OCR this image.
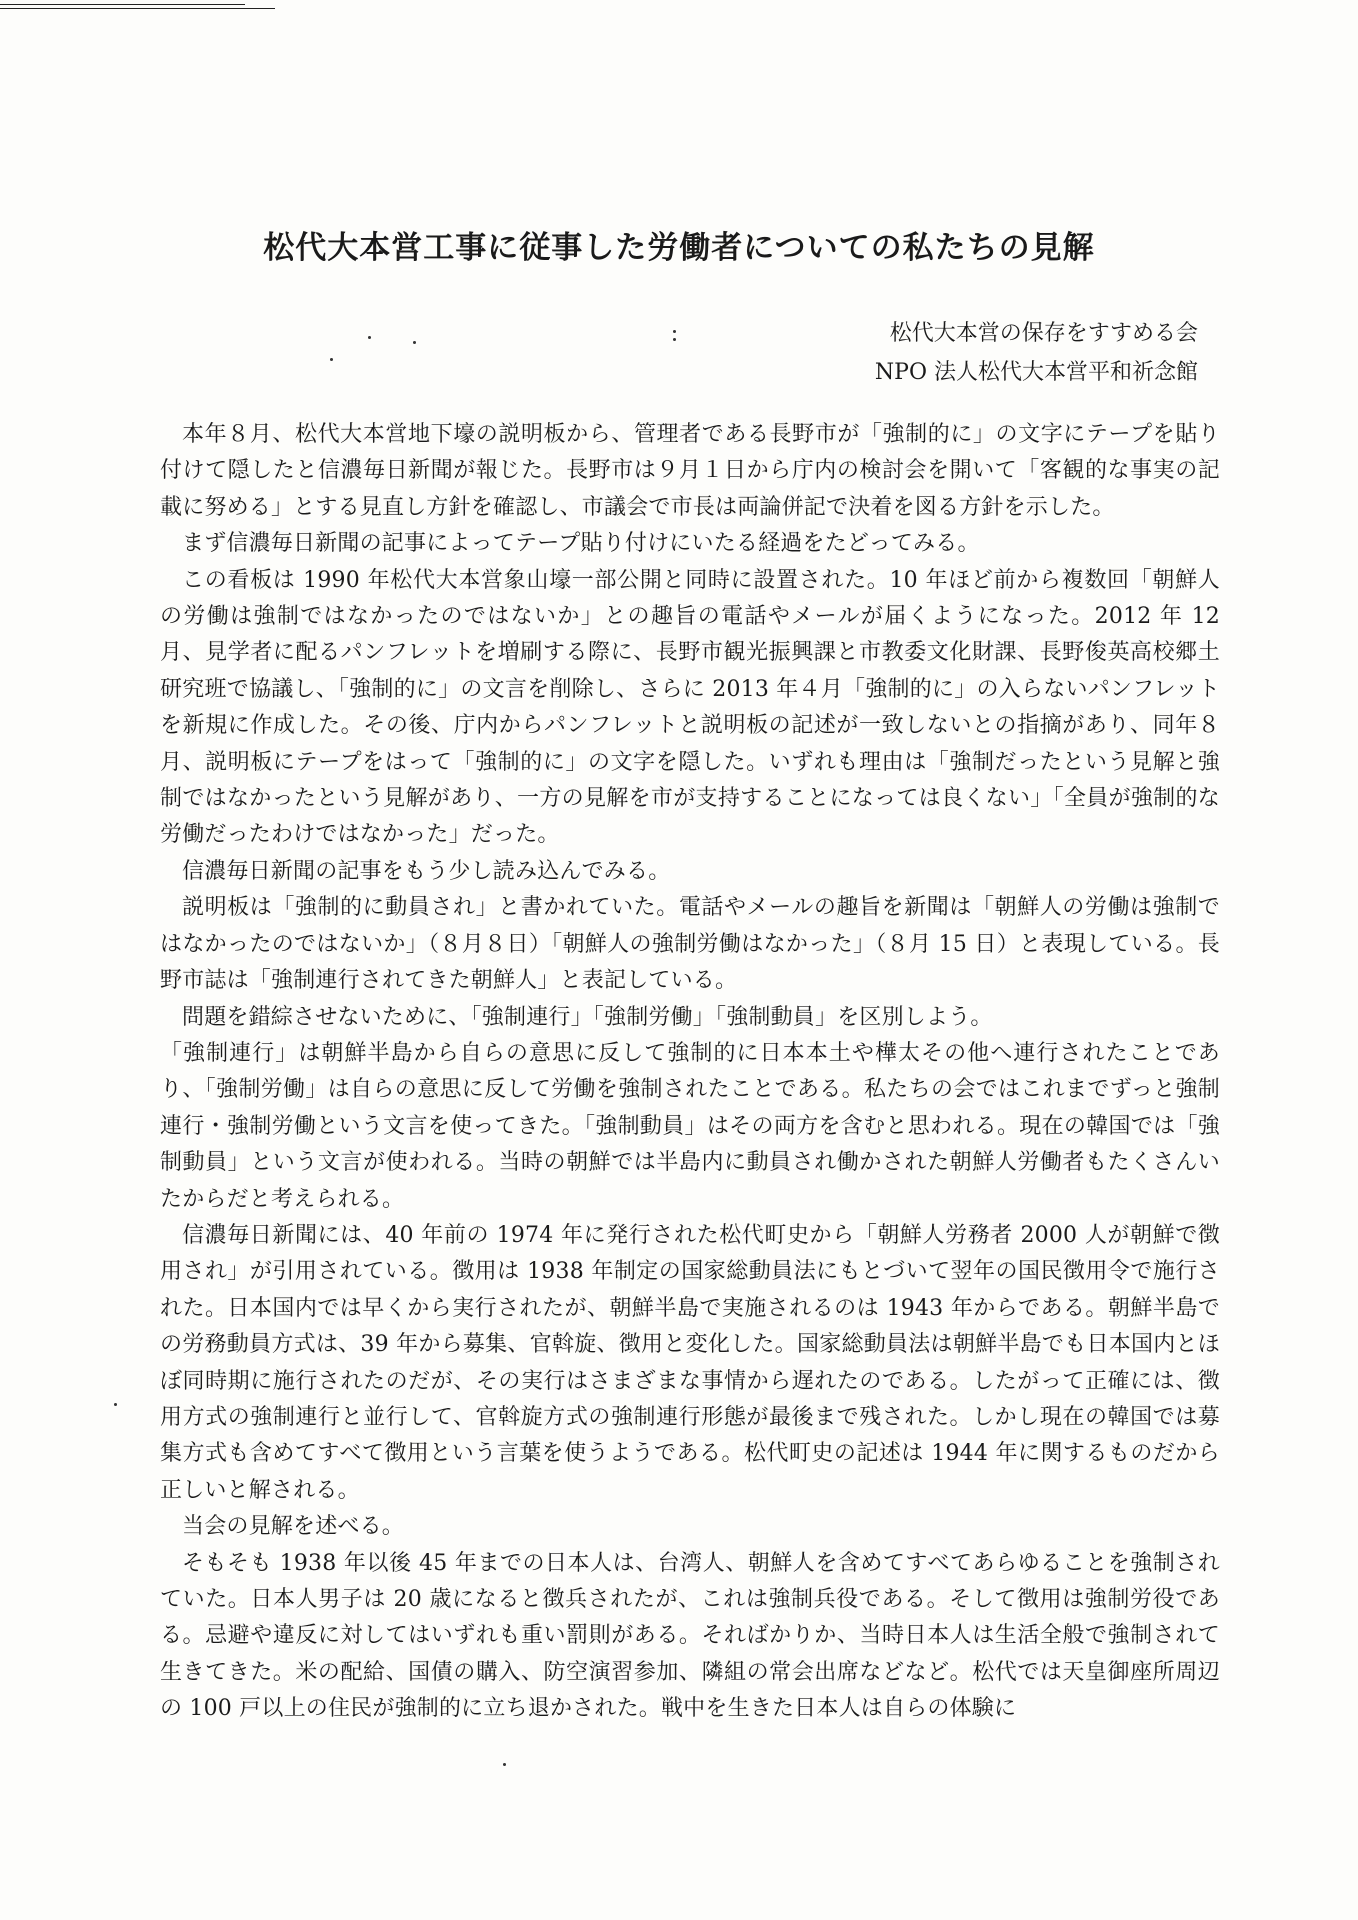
松代大本営工事に従事した労働者についての私たちの見解
松代大本営の保存をすすめる会
NPO 法人松代大本営平和祈念館

本年８月、松代大本営地下壕の説明板から、管理者である長野市が「強制的に」の文字にテープを貼り付けて隠したと信濃毎日新聞が報じた。長野市は９月１日から庁内の検討会を開いて「客観的な事実の記載に努める」とする見直し方針を確認し、市議会で市長は両論併記で決着を図る方針を示した。

まず信濃毎日新聞の記事によってテープ貼り付けにいたる経過をたどってみる。

この看板は 1990 年松代大本営象山壕一部公開と同時に設置された。10 年ほど前から複数回「朝鮮人の労働は強制ではなかったのではないか」との趣旨の電話やメールが届くようになった。2012 年 12 月、見学者に配るパンフレットを増刷する際に、長野市観光振興課と市教委文化財課、長野俊英高校郷土研究班で協議し、「強制的に」の文言を削除し、さらに 2013 年４月「強制的に」の入らないパンフレットを新規に作成した。その後、庁内からパンフレットと説明板の記述が一致しないとの指摘があり、同年８月、説明板にテープをはって「強制的に」の文字を隠した。いずれも理由は「強制だったという見解と強制ではなかったという見解があり、一方の見解を市が支持することになっては良くない」「全員が強制的な労働だったわけではなかった」だった。

信濃毎日新聞の記事をもう少し読み込んでみる。

説明板は「強制的に動員され」と書かれていた。電話やメールの趣旨を新聞は「朝鮮人の労働は強制ではなかったのではないか」（８月８日）「朝鮮人の強制労働はなかった」（８月 15 日）と表現している。長野市誌は「強制連行されてきた朝鮮人」と表記している。

問題を錯綜させないために、「強制連行」「強制労働」「強制動員」を区別しよう。

「強制連行」は朝鮮半島から自らの意思に反して強制的に日本本土や樺太その他へ連行されたことであり、「強制労働」は自らの意思に反して労働を強制されたことである。私たちの会ではこれまでずっと強制連行・強制労働という文言を使ってきた。「強制動員」はその両方を含むと思われる。現在の韓国では「強制動員」という文言が使われる。当時の朝鮮では半島内に動員され働かされた朝鮮人労働者もたくさんいたからだと考えられる。

信濃毎日新聞には、40 年前の 1974 年に発行された松代町史から「朝鮮人労務者 2000 人が朝鮮で徴用され」が引用されている。徴用は 1938 年制定の国家総動員法にもとづいて翌年の国民徴用令で施行された。日本国内では早くから実行されたが、朝鮮半島で実施されるのは 1943 年からである。朝鮮半島での労務動員方式は、39 年から募集、官斡旋、徴用と変化した。国家総動員法は朝鮮半島でも日本国内とほぼ同時期に施行されたのだが、その実行はさまざまな事情から遅れたのである。したがって正確には、徴用方式の強制連行と並行して、官斡旋方式の強制連行形態が最後まで残された。しかし現在の韓国では募集方式も含めてすべて徴用という言葉を使うようである。松代町史の記述は 1944 年に関するものだから正しいと解される。

当会の見解を述べる。

そもそも 1938 年以後 45 年までの日本人は、台湾人、朝鮮人を含めてすべてあらゆることを強制されていた。日本人男子は 20 歳になると徴兵されたが、これは強制兵役である。そして徴用は強制労役である。忌避や違反に対してはいずれも重い罰則がある。そればかりか、当時日本人は生活全般で強制されて生きてきた。米の配給、国債の購入、防空演習参加、隣組の常会出席などなど。松代では天皇御座所周辺の 100 戸以上の住民が強制的に立ち退かされた。戦中を生きた日本人は自らの体験に
